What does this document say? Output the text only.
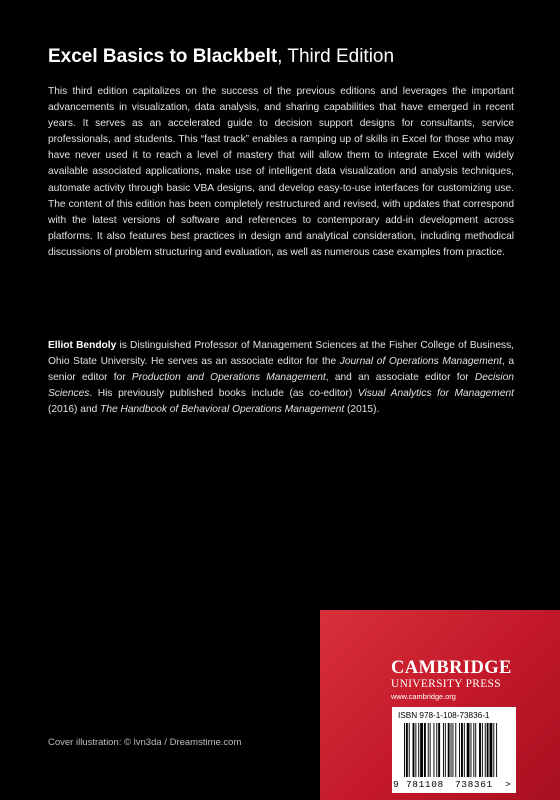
Excel Basics to Blackbelt, Third Edition

This third edition capitalizes on the success of the previous editions and leverages the important advancements in visualization, data analysis, and sharing capabilities that have emerged in recent years. It serves as an accelerated guide to decision support designs for consultants, service professionals, and students. This “fast track” enables a ramping up of skills in Excel for those who may have never used it to reach a level of mastery that will allow them to integrate Excel with widely available associated applications, make use of intelligent data visualization and analysis techniques, automate activity through basic VBA designs, and develop easy-to-use interfaces for customizing use. The content of this edition has been completely restructured and revised, with updates that correspond with the latest versions of software and references to contemporary add-in development across platforms. It also features best practices in design and analytical consideration, including methodical discussions of problem structuring and evaluation, as well as numerous case examples from practice.

Elliot Bendoly is Distinguished Professor of Management Sciences at the Fisher College of Business, Ohio State University. He serves as an associate editor for the Journal of Operations Management, a senior editor for Production and Operations Management, and an associate editor for Decision Sciences. His previously published books include (as co-editor) Visual Analytics for Management (2016) and The Handbook of Behavioral Operations Management (2015).

Cover illustration: © lvn3da / Dreamstime.com
CAMBRIDGE
UNIVERSITY PRESS
www.cambridge.org
ISBN 978-1-108-73836-1
9 781108 738361 >
